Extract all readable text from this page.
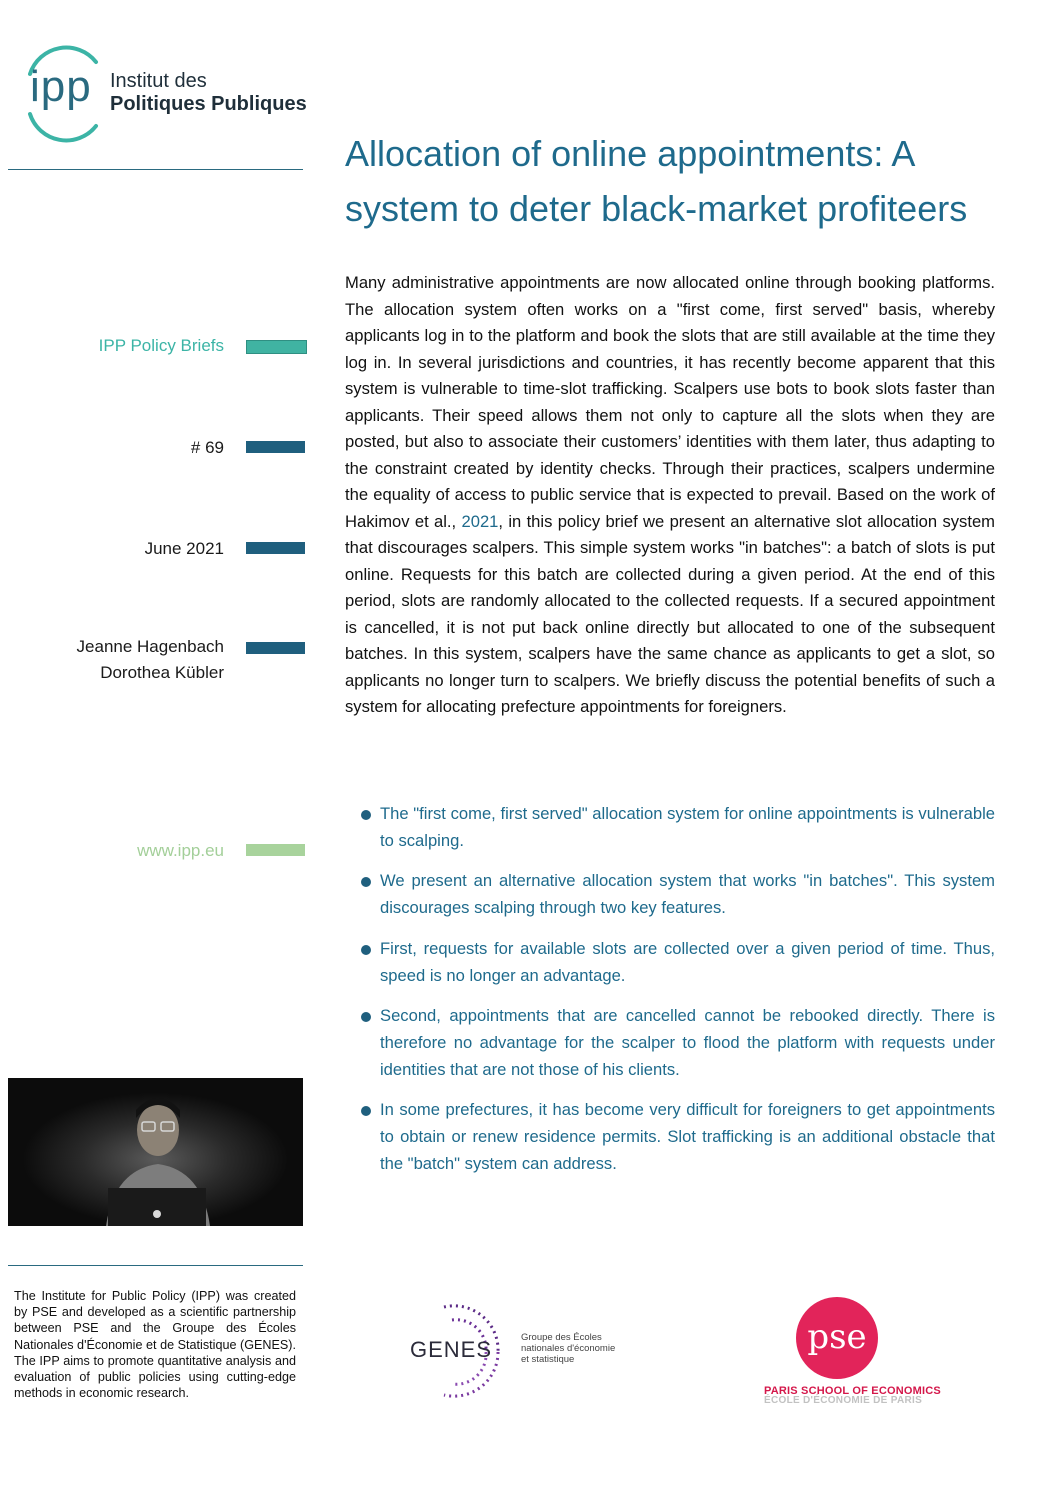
ipp Institut des
Politiques Publiques
Allocation of online appointments: A system to deter black-market profiteers
IPP Policy Briefs
# 69
June 2021
Jeanne Hagenbach
Dorothea Kübler
www.ipp.eu

Many administrative appointments are now allocated online through booking platforms. The allocation system often works on a "first come, first served" basis, whereby applicants log in to the platform and book the slots that are still available at the time they log in. In several jurisdictions and countries, it has recently become apparent that this system is vulnerable to time-slot trafficking. Scalpers use bots to book slots faster than applicants. Their speed allows them not only to capture all the slots when they are posted, but also to associate their customers’ identities with them later, thus adapting to the constraint created by identity checks. Through their practices, scalpers undermine the equality of access to public service that is expected to prevail. Based on the work of Hakimov et al., 2021, in this policy brief we present an alternative slot allocation system that discourages scalpers. This simple system works "in batches": a batch of slots is put online. Requests for this batch are collected during a given period. At the end of this period, slots are randomly allocated to the collected requests. If a secured appointment is cancelled, it is not put back online directly but allocated to one of the subsequent batches. In this system, scalpers have the same chance as applicants to get a slot, so applicants no longer turn to scalpers. We briefly discuss the potential benefits of such a system for allocating prefecture appointments for foreigners.

The "first come, first served" allocation system for online appointments is vulnerable to scalping.
We present an alternative allocation system that works "in batches". This system discourages scalping through two key features.
First, requests for available slots are collected over a given period of time. Thus, speed is no longer an advantage.
Second, appointments that are cancelled cannot be rebooked directly. There is therefore no advantage for the scalper to flood the platform with requests under identities that are not those of his clients.
In some prefectures, it has become very difficult for foreigners to get appointments to obtain or renew residence permits. Slot trafficking is an additional obstacle that the "batch" system can address.

The Institute for Public Policy (IPP) was created by PSE and developed as a scientific partnership between PSE and the Groupe des Écoles Nationales d'Économie et de Statistique (GENES). The IPP aims to promote quantitative analysis and evaluation of public policies using cutting-edge methods in economic research.

GENES	Groupe des Écoles
nationales d'économie
et statistique
pse
PARIS SCHOOL OF ECONOMICS
ÉCOLE D'ÉCONOMIE DE PARIS
